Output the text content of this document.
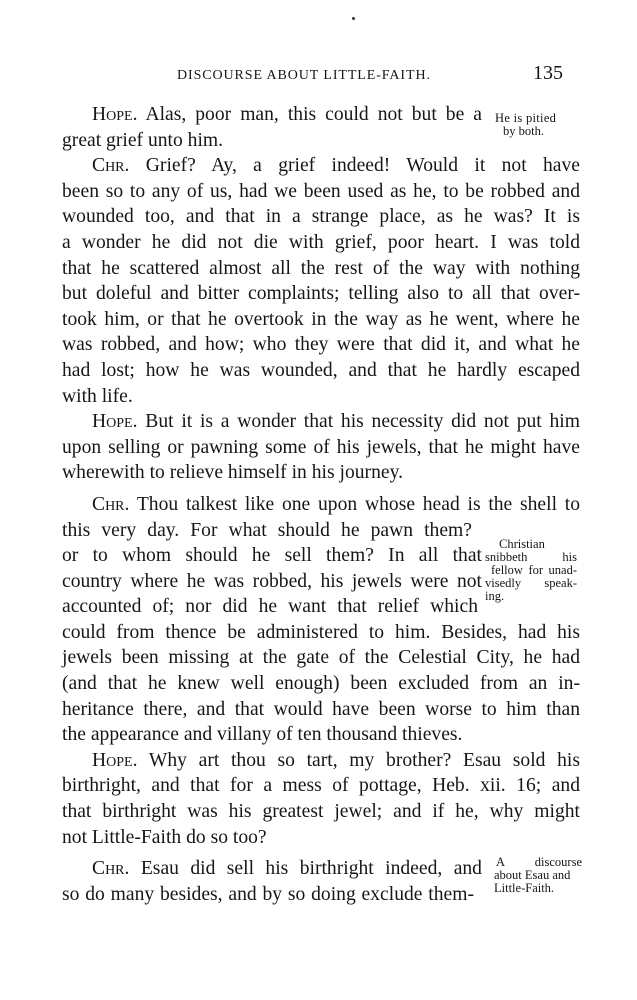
DISCOURSE ABOUT LITTLE-FAITH.	135
Hope. Alas, poor man, this could not but be a
great grief unto him.
Chr. Grief? Ay, a grief indeed! Would it not have
been so to any of us, had we been used as he, to be robbed and
wounded too, and that in a strange place, as he was? It is
a wonder he did not die with grief, poor heart. I was told
that he scattered almost all the rest of the way with nothing
but doleful and bitter complaints; telling also to all that over-
took him, or that he overtook in the way as he went, where he
was robbed, and how; who they were that did it, and what he
had lost; how he was wounded, and that he hardly escaped
with life.
Hope. But it is a wonder that his necessity did not put him
upon selling or pawning some of his jewels, that he might have
wherewith to relieve himself in his journey.
Chr. Thou talkest like one upon whose head is the shell to
this very day. For what should he pawn them?
or to whom should he sell them? In all that
country where he was robbed, his jewels were not
accounted of; nor did he want that relief which
could from thence be administered to him. Besides, had his
jewels been missing at the gate of the Celestial City, he had
(and that he knew well enough) been excluded from an in-
heritance there, and that would have been worse to him than
the appearance and villany of ten thousand thieves.
Hope. Why art thou so tart, my brother? Esau sold his
birthright, and that for a mess of pottage, Heb. xii. 16; and
that birthright was his greatest jewel; and if he, why might
not Little-Faith do so too?
Chr. Esau did sell his birthright indeed, and
so do many besides, and by so doing exclude them-
He is pitied
by both.
Christian
snibbeth his
fellow for unad-
visedly speak-
ing.
A discourse
about Esau and
Little-Faith.
